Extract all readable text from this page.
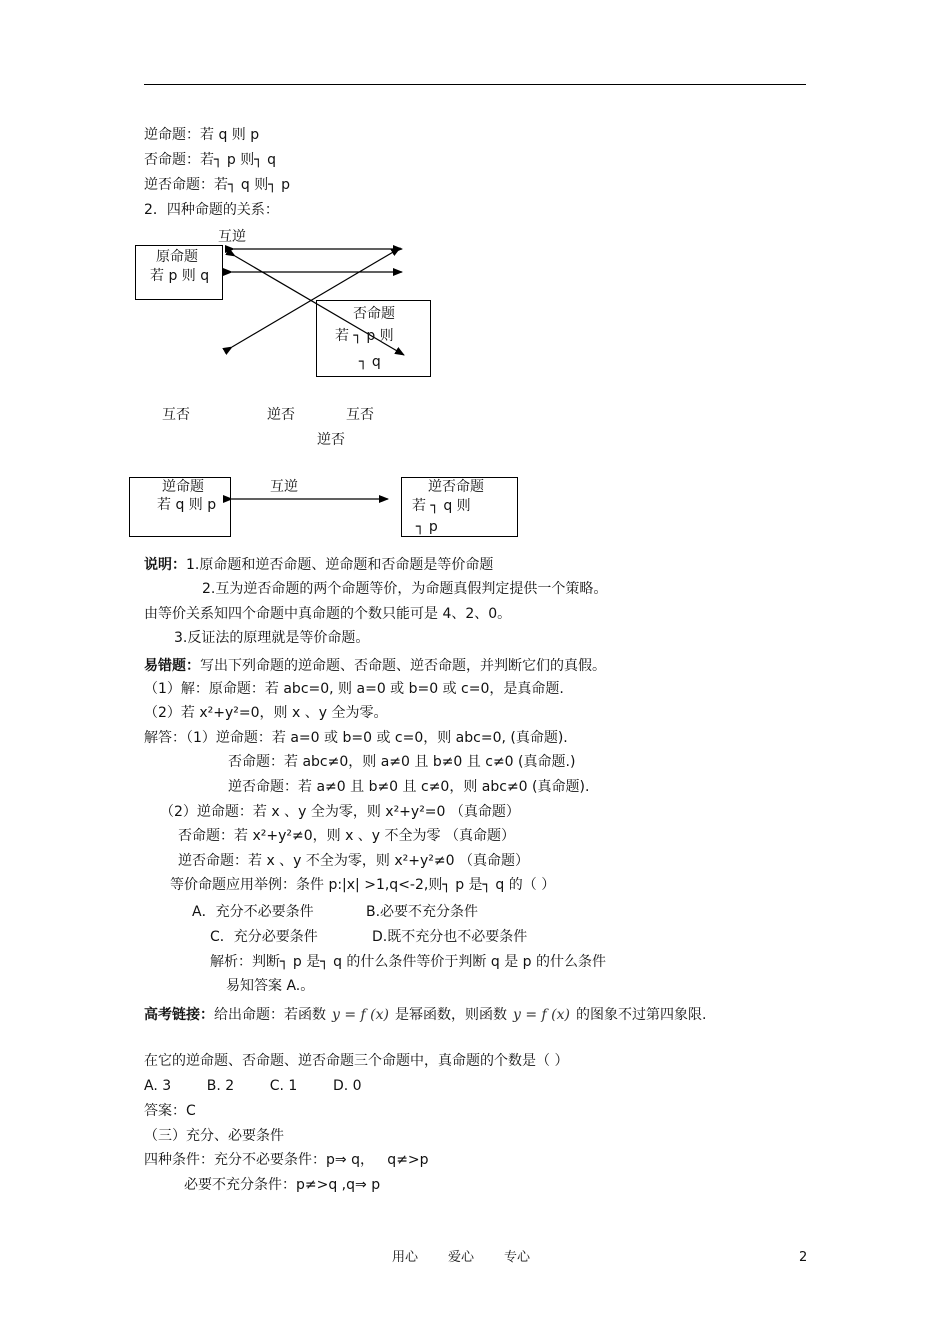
逆命题：若 q 则 p
否命题：若┐ p 则┐ q
逆否命题：若┐ q 则┐ p
2．四种命题的关系：
互逆
原命题
若 p 则 q
否命题
若 ┐ p 则
┐ q
互否	逆否	互否
逆否
逆命题
若 q 则 p
互逆	逆否命题
若 ┐ q 则
┐ p
说明：1.原命题和逆否命题、逆命题和否命题是等价命题
2.互为逆否命题的两个命题等价，为命题真假判定提供一个策略。
由等价关系知四个命题中真命题的个数只能可是 4、2、0。
3.反证法的原理就是等价命题。
易错题：写出下列命题的逆命题、否命题、逆否命题，并判断它们的真假。
（1）解：原命题：若 abc=0, 则 a=0 或 b=0 或 c=0，是真命题.
（2）若 x²+y²=0，则 x 、y 全为零。
解答：（1）逆命题：若 a=0 或 b=0 或 c=0，则 abc=0, (真命题).
否命题：若 abc≠0，则 a≠0 且 b≠0 且 c≠0 (真命题.)
逆否命题：若 a≠0 且 b≠0 且 c≠0，则 abc≠0 (真命题).
（2）逆命题：若 x 、y 全为零，则 x²+y²=0 （真命题）
否命题：若 x²+y²≠0，则 x 、y 不全为零 （真命题）
逆否命题：若 x 、y 不全为零，则 x²+y²≠0 （真命题）
等价命题应用举例：条件 p:|x| >1,q<-2,则┐ p 是┐ q 的（ ）
A．充分不必要条件	B.必要不充分条件
C．充分必要条件	D.既不充分也不必要条件
解析：判断┐ p 是┐ q 的什么条件等价于判断 q 是 p 的什么条件
易知答案 A.。
高考链接：给出命题：若函数 y = f (x) 是幂函数，则函数 y = f (x) 的图象不过第四象限.
在它的逆命题、否命题、逆否命题三个命题中，真命题的个数是（ ）
A. 3        B. 2        C. 1        D. 0
答案：C
（三）充分、必要条件
四种条件：充分不必要条件：p⇒ q，   q≠>p
必要不充分条件：p≠>q ,q⇒ p
用心 爱心 专心	2
